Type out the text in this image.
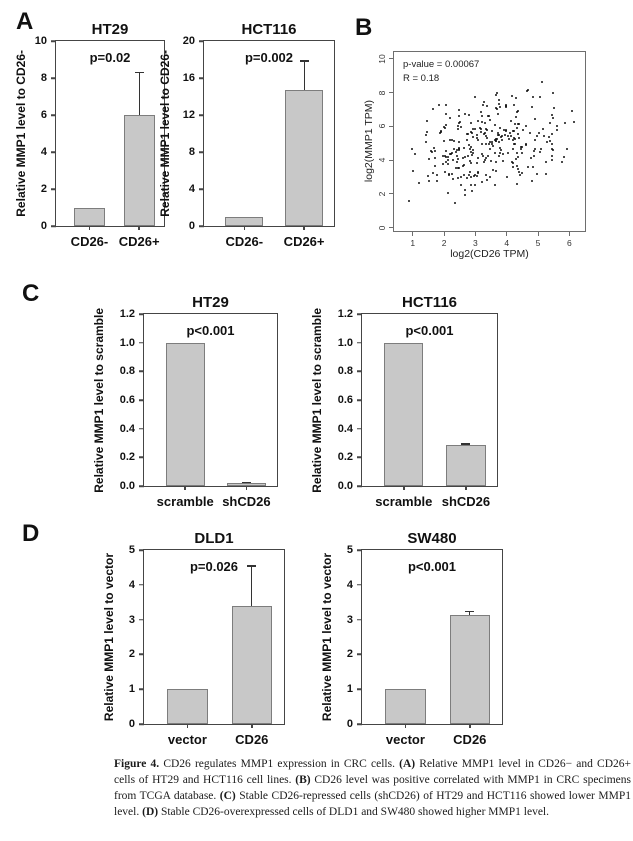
A	B
C
D
HT29
p=0.02
0
2
4
6
8
10
CD26- CD26+
Relative MMP1 level to CD26-
HCT116
p=0.002
0
4
8
12
16
20
CD26- CD26+
Relative MMP1 level to CD26-	p-value = 0.00067
R = 0.18
1	2	3	4	5	6
0
2
4
6
8
10
log2(CD26 TPM)
log2(MMP1 TPM)
HT29
p<0.001
0.0
0.2
0.4
0.6
0.8
1.0
1.2
scramble shCD26
Relative MMP1 level to scramble
HCT116
p<0.001
0.0
0.2
0.4
0.6
0.8
1.0
1.2
scramble shCD26
Relative MMP1 level to scramble
DLD1
p=0.026
0
1
2
3
4
5
vector CD26
Relative MMP1 level to vector
SW480
p<0.001
0
1
2
3
4
5
vector CD26
Relative MMP1 level to vector
Figure 4. CD26 regulates MMP1 expression in CRC cells. (A) Relative MMP1 level in CD26− and CD26+ cells of HT29 and HCT116 cell lines. (B) CD26 level was positive correlated with MMP1 in CRC specimens from TCGA database. (C) Stable CD26-repressed cells (shCD26) of HT29 and HCT116 showed lower MMP1 level. (D) Stable CD26-overexpressed cells of DLD1 and SW480 showed higher MMP1 level.
